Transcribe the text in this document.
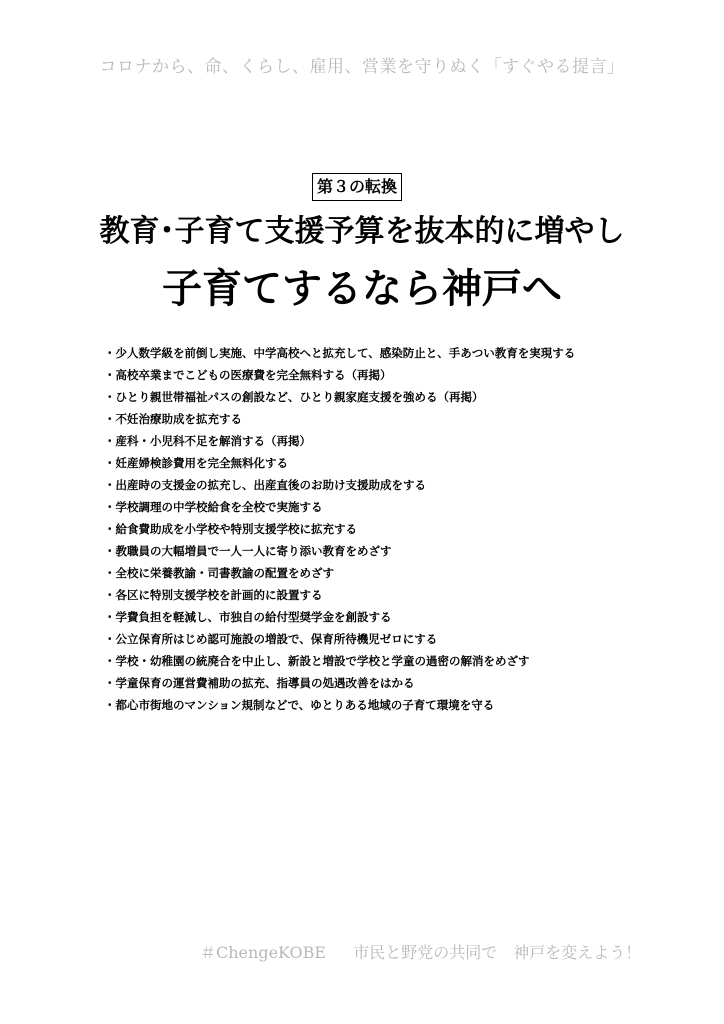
コロナから、命、くらし、雇用、営業を守りぬく「すぐやる提言」
第３の転換
教育･子育て支援予算を抜本的に増やし
子育てするなら神戸へ
・少人数学級を前倒し実施、中学高校へと拡充して、感染防止と、手あつい教育を実現する
・高校卒業までこどもの医療費を完全無料する（再掲）
・ひとり親世帯福祉パスの創設など、ひとり親家庭支援を強める（再掲）
・不妊治療助成を拡充する
・産科・小児科不足を解消する（再掲）
・妊産婦検診費用を完全無料化する
・出産時の支援金の拡充し、出産直後のお助け支援助成をする
・学校調理の中学校給食を全校で実施する
・給食費助成を小学校や特別支援学校に拡充する
・教職員の大幅増員で一人一人に寄り添い教育をめざす
・全校に栄養教諭・司書教諭の配置をめざす
・各区に特別支援学校を計画的に設置する
・学費負担を軽減し、市独自の給付型奨学金を創設する
・公立保育所はじめ認可施設の増設で、保育所待機児ゼロにする
・学校・幼稚園の統廃合を中止し、新設と増設で学校と学童の過密の解消をめざす
・学童保育の運営費補助の拡充、指導員の処遇改善をはかる
・都心市街地のマンション規制などで、ゆとりある地域の子育て環境を守る
＃ChengeKOBE 市民と野党の共同で　神戸を変えよう！
